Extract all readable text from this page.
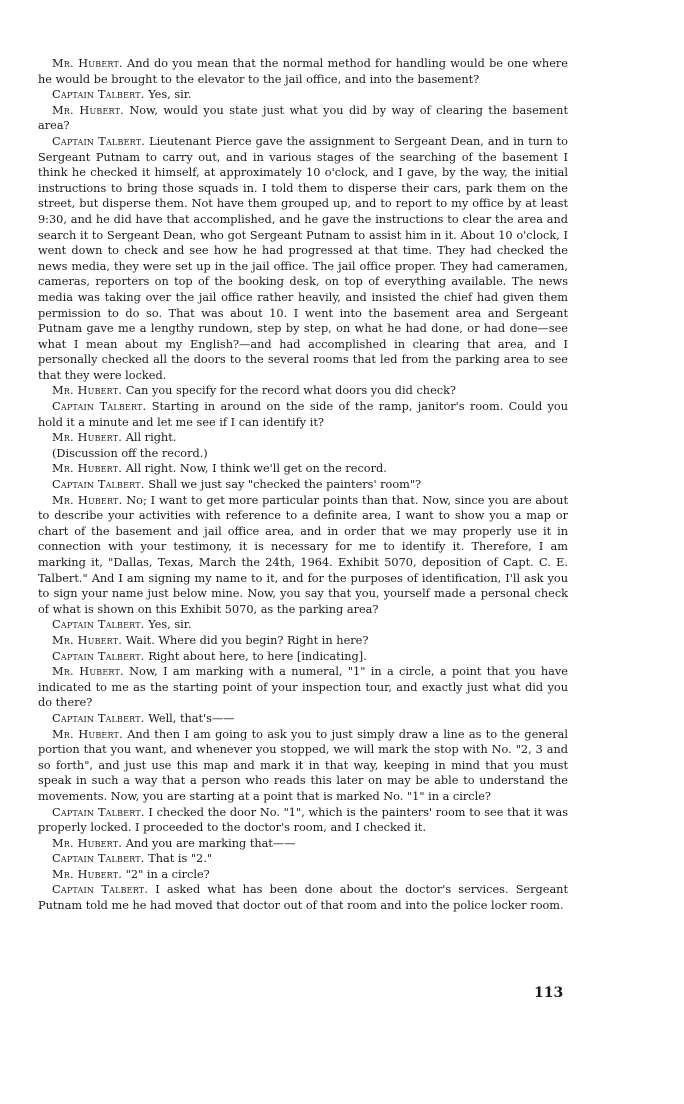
Mr. Hubert. And do you mean that the normal method for handling would be one where he would be brought to the elevator to the jail office, and into the basement?

Captain Talbert. Yes, sir.

Mr. Hubert. Now, would you state just what you did by way of clearing the basement area?

Captain Talbert. Lieutenant Pierce gave the assignment to Sergeant Dean, and in turn to Sergeant Putnam to carry out, and in various stages of the searching of the basement I think he checked it himself, at approximately 10 o'clock, and I gave, by the way, the initial instructions to bring those squads in. I told them to disperse their cars, park them on the street, but disperse them. Not have them grouped up, and to report to my office by at least 9:30, and he did have that accomplished, and he gave the instructions to clear the area and search it to Sergeant Dean, who got Sergeant Putnam to assist him in it. About 10 o'clock, I went down to check and see how he had progressed at that time. They had checked the news media, they were set up in the jail office. The jail office proper. They had cameramen, cameras, reporters on top of the booking desk, on top of everything available. The news media was taking over the jail office rather heavily, and insisted the chief had given them permission to do so. That was about 10. I went into the basement area and Sergeant Putnam gave me a lengthy rundown, step by step, on what he had done, or had done—see what I mean about my English?—and had accomplished in clearing that area, and I personally checked all the doors to the several rooms that led from the parking area to see that they were locked.

Mr. Hubert. Can you specify for the record what doors you did check?

Captain Talbert. Starting in around on the side of the ramp, janitor's room. Could you hold it a minute and let me see if I can identify it?

Mr. Hubert. All right.

(Discussion off the record.)

Mr. Hubert. All right. Now, I think we'll get on the record.

Captain Talbert. Shall we just say "checked the painters' room"?

Mr. Hubert. No; I want to get more particular points than that. Now, since you are about to describe your activities with reference to a definite area, I want to show you a map or chart of the basement and jail office area, and in order that we may properly use it in connection with your testimony, it is necessary for me to identify it. Therefore, I am marking it, "Dallas, Texas, March the 24th, 1964. Exhibit 5070, deposition of Capt. C. E. Talbert." And I am signing my name to it, and for the purposes of identification, I'll ask you to sign your name just below mine. Now, you say that you, yourself made a personal check of what is shown on this Exhibit 5070, as the parking area?

Captain Talbert. Yes, sir.

Mr. Hubert. Wait. Where did you begin? Right in here?

Captain Talbert. Right about here, to here [indicating].

Mr. Hubert. Now, I am marking with a numeral, "1" in a circle, a point that you have indicated to me as the starting point of your inspection tour, and exactly just what did you do there?

Captain Talbert. Well, that's——

Mr. Hubert. And then I am going to ask you to just simply draw a line as to the general portion that you want, and whenever you stopped, we will mark the stop with No. "2, 3 and so forth", and just use this map and mark it in that way, keeping in mind that you must speak in such a way that a person who reads this later on may be able to understand the movements. Now, you are starting at a point that is marked No. "1" in a circle?

Captain Talbert. I checked the door No. "1", which is the painters' room to see that it was properly locked. I proceeded to the doctor's room, and I checked it.

Mr. Hubert. And you are marking that——

Captain Talbert. That is "2."

Mr. Hubert. "2" in a circle?

Captain Talbert. I asked what has been done about the doctor's services. Sergeant Putnam told me he had moved that doctor out of that room and into the police locker room.

113
